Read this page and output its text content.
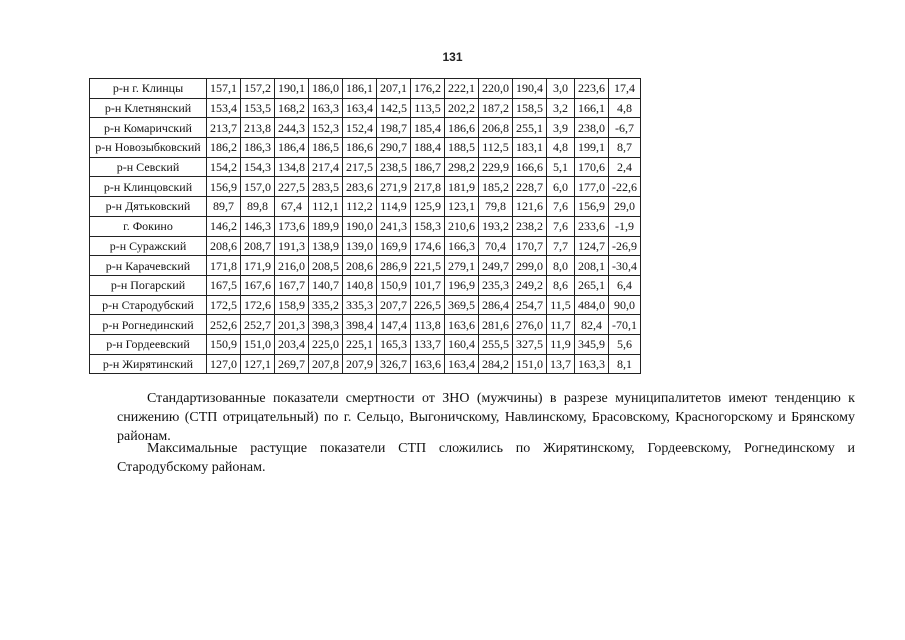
131
р-н г. Клинцы	157,1	157,2	190,1	186,0	186,1	207,1	176,2	222,1	220,0	190,4	3,0	223,6	17,4
р-н Клетнянский	153,4	153,5	168,2	163,3	163,4	142,5	113,5	202,2	187,2	158,5	3,2	166,1	4,8
р-н Комаричский	213,7	213,8	244,3	152,3	152,4	198,7	185,4	186,6	206,8	255,1	3,9	238,0	-6,7
р-н Новозыбковский	186,2	186,3	186,4	186,5	186,6	290,7	188,4	188,5	112,5	183,1	4,8	199,1	8,7
р-н Севский	154,2	154,3	134,8	217,4	217,5	238,5	186,7	298,2	229,9	166,6	5,1	170,6	2,4
р-н Клинцовский	156,9	157,0	227,5	283,5	283,6	271,9	217,8	181,9	185,2	228,7	6,0	177,0	-22,6
р-н Дятьковский	89,7	89,8	67,4	112,1	112,2	114,9	125,9	123,1	79,8	121,6	7,6	156,9	29,0
г. Фокино	146,2	146,3	173,6	189,9	190,0	241,3	158,3	210,6	193,2	238,2	7,6	233,6	-1,9
р-н Суражский	208,6	208,7	191,3	138,9	139,0	169,9	174,6	166,3	70,4	170,7	7,7	124,7	-26,9
р-н Карачевский	171,8	171,9	216,0	208,5	208,6	286,9	221,5	279,1	249,7	299,0	8,0	208,1	-30,4
р-н Погарский	167,5	167,6	167,7	140,7	140,8	150,9	101,7	196,9	235,3	249,2	8,6	265,1	6,4
р-н Стародубский	172,5	172,6	158,9	335,2	335,3	207,7	226,5	369,5	286,4	254,7	11,5	484,0	90,0
р-н Рогнединский	252,6	252,7	201,3	398,3	398,4	147,4	113,8	163,6	281,6	276,0	11,7	82,4	-70,1
р-н Гордеевский	150,9	151,0	203,4	225,0	225,1	165,3	133,7	160,4	255,5	327,5	11,9	345,9	5,6
р-н Жирятинский	127,0	127,1	269,7	207,8	207,9	326,7	163,6	163,4	284,2	151,0	13,7	163,3	8,1

Стандартизованные показатели смертности от ЗНО (мужчины) в разрезе муниципалитетов имеют тенденцию к снижению (СТП отрицательный) по г. Сельцо, Выгоничскому, Навлинскому, Брасовскому, Красногорскому и Брянскому районам.

Максимальные растущие показатели СТП сложились по Жирятинскому, Гордеевскому, Рогнединскому и Стародубскому районам.
